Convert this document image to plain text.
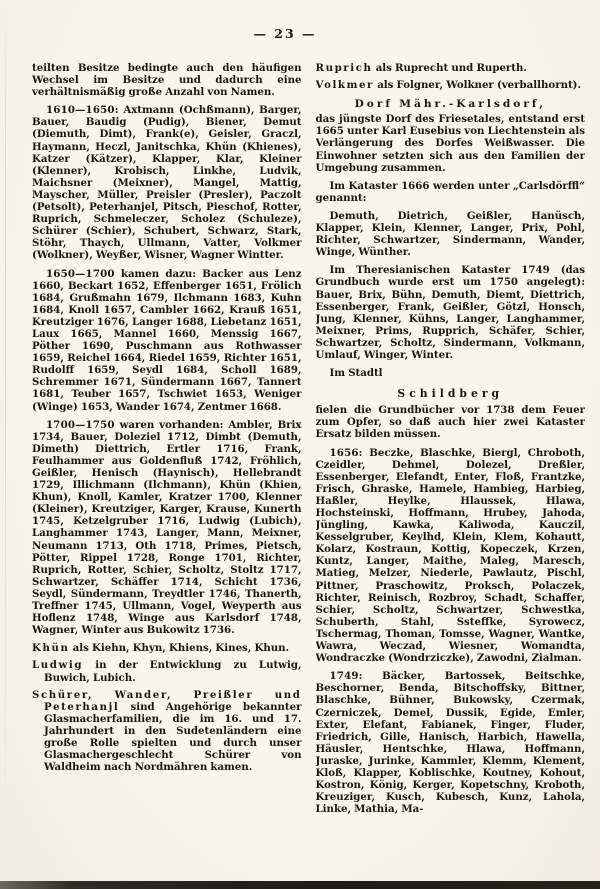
— 23 —

teilten Besitze bedingte auch den häufigen Wechsel im Besitze und dadurch eine verhältnismäßig große Anzahl von Namen.

1610—1650: Axtmann (Ochßmann), Barger, Bauer, Baudig (Pudig), Biener, Demut (Diemuth, Dimt), Frank(e), Geisler, Graczl, Haymann, Heczl, Janitschka, Khün (Khienes), Katzer (Kätzer), Klapper, Klar, Kleiner (Klenner), Krobisch, Linkhe, Ludvik, Maichsner (Meixner), Mangel, Mattig, Mayscher, Müller, Preisler (Presler), Paczolt (Petsolt), Peterhanjel, Pitsch, Pieschof, Rotter, Ruprich, Schmeleczer, Scholez (Schuleze), Schürer (Schier), Schubert, Schwarz, Stark, Stöhr, Thaych, Ullmann, Vatter, Volkmer (Wolkner), Weyßer, Wisner, Wagner Wintter.

1650—1700 kamen dazu: Backer aus Lenz 1660, Beckart 1652, Effenberger 1651, Frölich 1684, Grußmahn 1679, Ilchmann 1683, Kuhn 1684, Knoll 1657, Cambler 1662, Krauß 1651, Kreutziger 1676, Langer 1688, Liebetanz 1651, Laux 1665, Mannel 1660, Menssig 1667, Pöther 1690, Puschmann aus Rothwasser 1659, Reichel 1664, Riedel 1659, Richter 1651, Rudolff 1659, Seydl 1684, Scholl 1689, Schremmer 1671, Sündermann 1667, Tannert 1681, Teuber 1657, Tschwiet 1653, Weniger (Winge) 1653, Wander 1674, Zentmer 1668.

1700—1750 waren vorhanden: Ambler, Brix 1734, Bauer, Doleziel 1712, Dimbt (Demuth, Dimeth) Diettrich, Ertler 1716, Frank, Feulhammer aus Goldenfluß 1742, Fröhlich, Geißler, Henisch (Haynisch), Hellebrandt 1729, Illichmann (Ilchmann), Khün (Khien, Khun), Knoll, Kamler, Kratzer 1700, Klenner (Kleiner), Kreutziger, Karger, Krause, Kunerth 1745, Ketzelgruber 1716, Ludwig (Lubich), Langhammer 1743, Langer, Mann, Meixner, Neumann 1713, Oth 1718, Primes, Pietsch, Pötter, Rippel 1728, Ronge 1701, Richter, Ruprich, Rotter, Schier, Scholtz, Stoltz 1717, Schwartzer, Schäffer 1714, Schicht 1736, Seydl, Sündermann, Treydtler 1746, Thanerth, Treffner 1745, Ullmann, Vogel, Weyperth aus Hoflenz 1748, Winge aus Karlsdorf 1748, Wagner, Winter aus Bukowitz 1736.

Khün als Kiehn, Khyn, Khiens, Kines, Khun.

Ludwig in der Entwicklung zu Lutwig, Buwich, Lubich.

Schürer, Wander, Preißler und Peterhanjl sind Angehörige bekannter Glasmacherfamilien, die im 16. und 17. Jahrhundert in den Sudetenländern eine große Rolle spielten und durch unser Glasmachergeschlecht Schürer von Waldheim nach Nordmähren kamen.

Ruprich als Ruprecht und Ruperth.

Volkmer als Folgner, Wolkner (verballhornt).

Dorf Mähr.-Karlsdorf,

das jüngste Dorf des Friesetales, entstand erst 1665 unter Karl Eusebius von Liechtenstein als Verlängerung des Dorfes Weißwasser. Die Einwohner setzten sich aus den Familien der Umgebung zusammen.

Im Kataster 1666 werden unter „Carlsdörffl“ genannt:

Demuth, Dietrich, Geißler, Hanüsch, Klapper, Klein, Klenner, Langer, Prix, Pohl, Richter, Schwartzer, Sindermann, Wander, Winge, Wünther.

Im Theresianischen Kataster 1749 (das Grundbuch wurde erst um 1750 angelegt): Bauer, Brix, Bühn, Demuth, Diemt, Diettrich, Essenberger, Frank, Geißler, Götzl, Honsch, Jung, Klenner, Kühns, Langer, Langhammer, Meixner, Prims, Rupprich, Schäfer, Schier, Schwartzer, Scholtz, Sindermann, Volkmann, Umlauf, Winger, Winter.

Im Stadtl

Schildberg

fielen die Grundbücher vor 1738 dem Feuer zum Opfer, so daß auch hier zwei Kataster Ersatz bilden müssen.

1656: Beczke, Blaschke, Biergl, Chroboth, Czeidler, Dehmel, Dolezel, Dreßler, Essenberger, Elefandt, Enter, Floß, Frantzke, Frisch, Ghraske, Hamele, Hambieg, Harbieg, Haßler, Heylke, Hlaussek, Hlawa, Hochsteinski, Hoffmann, Hrubey, Jahoda, Jüngling, Kawka, Kaliwoda, Kauczil, Kesselgruber, Keylhd, Klein, Klem, Kohautt, Kolarz, Kostraun, Kottig, Kopeczek, Krzen, Kuntz, Langer, Maithe, Maleg, Maresch, Matieg, Melzer, Niederle, Pawlautz, Pischl, Pittner, Praschowitz, Proksch, Polaczek, Richter, Reinisch, Rozbroy, Schadt, Schaffer, Schier, Scholtz, Schwartzer, Schwestka, Schuberth, Stahl, Ssteffke, Syrowecz, Tschermag, Thoman, Tomsse, Wagner, Wantke, Wawra, Weczad, Wiesner, Womandta, Wondraczke (Wondrziczke), Zawodni, Zialman.

1749: Bäcker, Bartossek, Beitschke, Beschorner, Benda, Bitschoffsky, Bittner, Blaschke, Bühner, Bukowsky, Czermak, Czerniczek, Demel, Dussik, Egide, Emler, Exter, Elefant, Fabianek, Finger, Fluder, Friedrich, Gille, Hanisch, Harbich, Hawella, Häusler, Hentschke, Hlawa, Hoffmann, Juraske, Jurinke, Kammler, Klemm, Klement, Kloß, Klapper, Koblischke, Koutney, Kohout, Kostron, König, Kerger, Kopetschny, Kroboth, Kreuziger, Kusch, Kubesch, Kunz, Lahola, Linke, Mathia, Ma-
